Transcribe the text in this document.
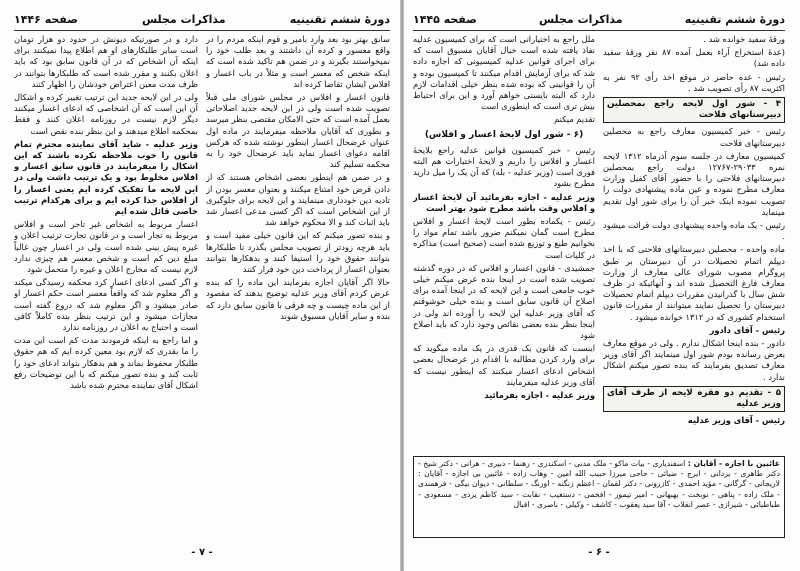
دورهٔ ششم تقنینیه
مذاکرات مجلس
صفحه ۱۴۴۵

ورقهٔ سفید خوانده شد .

(عدهٔ استخراج آراء بعمل آمده ۸۷ نفر ورقهٔ سفید داده شد)

رئیس - عده حاضر در موقع اخذ رأی ۹۲ نفر به اکثریت ۸۷ رأی تصویب شد .

۴ - شور اول لایحه راجع بمحصلین دبیرستانهای فلاحت

رئیس - خبر کمیسیون معارف راجع به محصلین دبیرستانهای فلاحت

کمیسیون معارف در جلسه سوم آذرماه ۱۳۱۲ لایحه نمره ۲۹۰۳۳-۱۲۷۶۷ دولت راجع بمحصلین دبیرستانهای فلاحتی را با حضور آقای کفیل وزارت معارف مطرح نموده و عین ماده پیشنهادی دولت را تصویب نموده اینک خبر آن را برای شور اول تقدیم مینماید

رئیس - یک ماده واحده پیشنهادی دولت قرائت میشود .

ماده واحده - محصلین دبیرستانهای فلاحتی که با اخذ دیپلم اتمام تحصیلات در آن دبیرستان بر طبق پروگرام مصوب شورای عالی معارف از وزارت معارف فارغ التحصیل شده اند و آنهائیکه در ظرف شش سال با گذرانیدن مقررات دیپلم اتمام تحصیلات دبیرستان را تحصیل نمایند میتوانند از مقررات قانون استخدام کشوری که در ۱۳۱۲ خوانده میشود .

رئیس - آقای دادور

دادور - بنده اینجا اشکال ندارم . ولی در موقع معارف بعرض رسانده بودم شور اول مینمایند اگر آقای وزیر معارف تصدیق بفرمایند که بنده تصور میکنم اشکال ندارد .

۵ - تقدیم دو فقره لایحه از طرف آقای وزیر عدلیه

رئیس - آقای وزیر عدلیه

ملل راجع به اختیاراتی است که برای کمیسیون عدلیه نفاذ یافته شده است خیال آقایان مسبوق است که برای اجرای قوانین عدلیه کمیسیونی که اجازه داده شد که برای آزمایش اقدام میکنند تا کمیسیون بوده و آن را قوانینی که بوده شده بنظر خیلی اقدامات لازم دارد که البته بایستی خواهم آورد و این برای احتیاط بیش تری است که اینطوری است

تقدیم میکنم

(۶ - شور اول لایحهٔ اعسار و افلاس)

رئیس - خبر کمیسیون قوانین عدلیه راجع بلایحهٔ اعسار و افلاس را داریم و لایحهٔ اختیارات هم البته فوری است (وزیر عدلیه - بله) که آن یک را میل دارید مطرح بشود

وزیر عدلیه - اجازه بفرمائید آن لایحهٔ اعسار و افلاس وقت باشد مطرح شود بهتر است

رئیس - یکماده بطور است لایحهٔ اعسار و افلاس مطرح است گمان نمیکنم ضرور باشد تمام مواد را بخوانیم طبع و توزیع شده است (صحیح است) مذاکره در کلیات است

جمشیدی - قانون اعسار و افلاس که در دوره گذشته تصویب شده است در اینجا بنده عرض میکنم خیلی خوب جامعی است و این لایحه که در اینجا آمده برای اصلاح آن قانون سابق است و بنده خیلی خوشوقتم که آقای وزیر عدلیه این لایحه را آورده اند ولی در اینجا بنظر بنده بعضی نقائص وجود دارد که باید اصلاح شود

اینست که قانون یک قدری در یک ماده میگوید که برای وارد کردن مطالبه با اقدام در عرضحال بعضی اشخاص ادعای اعسار میکنند که اینطور نیست که آقای وزیر عدلیه میفرمایند

وزیر عدلیه - اجازه بفرمائید

غائبین با اجازه - آقایان : اسفندیاری - بیات ماکو - ملک مدنی - اسکندری - رهنما - دبیری - هراتی - دکتر شیخ - دکتر طاهری - یزدانی - ایرج - ضیائی - حاجی میرزا حبیب الله امین - وهاب زاده - غائبین بی اجازه - آقایان : لاریجانی - گرگانی - مؤید احمدی - کازرونی - دکتر لقمان - اعظم زنگنه - اورنگ - سلطانی - دیوان بیگی - فرهمندی - ملک زاده - پناهی - نوبخت - بهبهانی - امیر تیمور - افخمی - دستغیب - نقابت - سید کاظم یزدی - مسعودی - طباطبائی - شیرازی - عصر انقلاب - آقا سید یعقوب - کاشف - وکیلی - ناصری - اقبال
- ۶ -
دورهٔ ششم تقنینیه
مذاکرات مجلس
صفحه ۱۴۴۶

سابق بهتر بود بعد وارد بامیر و قوم اینکه مردم را در واقع معسور و کرده آن داشتند و بعد طلب خود را نمیخواستند بگیرند و در ضمن هم تاکید شده است که اینکه شخص که معسر است و مثلاً در باب اعسار و افلاس ایشان تقاضا کرده اند

قانون اعسار و افلاس در مجلس شورای ملی قبلاً تصویب شده است ولی در این لایحه جدید اصلاحاتی بعمل آمده است که حتی الامکان مقتضی بنظر میرسد و بطوری که آقایان ملاحظه میفرمایند در ماده اول عنوان عرضحال اعسار اینطور نوشته شده که هرکس اقامه دعوای اعسار نماید باید عرضحال خود را به محکمه تسلیم کند

و در ضمن هم اینطور بعضی اشخاص هستند که از دادن قرض خود امتناع میکنند و بعنوان معسر بودن از تادیه دین خودداری مینمایند و این لایحه برای جلوگیری از این اشخاص است که اگر کسی مدعی اعسار شد باید اثبات کند و الا محکوم خواهد شد

و بنده تصور میکنم که این قانون خیلی مفید است و باید هرچه زودتر از تصویب مجلس بگذرد تا طلبکارها بتوانند حقوق خود را استیفا کنند و بدهکارها نتوانند بعنوان اعسار از پرداخت دین خود فرار کنند

حالا اگر آقایان اجازه بفرمایند این ماده را که بنده عرض کردم آقای وزیر عدلیه توضیح بدهند که مقصود از این ماده چیست و چه فرقی با قانون سابق دارد که بنده و سایر آقایان مسبوق شوند

دارد و در صورتیکه دیونش در حدود دو هزار تومان است سایر طلبکارهای او هم اطلاع پیدا نمیکنند برای اینکه آن اشخاص که در آن قانون سابق بود که باید اعلان بکنند و مقرر شده است که طلبکارها بتوانند در ظرف مدت معین اعتراض خودشان را اظهار کنند

ولی در این لایحه جدید این ترتیب تغییر کرده و اشکال آن این است که آن اشخاصی که ادعای اعسار میکنند دیگر لازم نیست در روزنامه اعلان کنند و فقط بمحکمه اطلاع میدهند و این بنظر بنده نقص است

وزیر عدلیه - شاید آقای نماینده محترم تمام قانون را خوب ملاحظه نکرده باشند که این اشکال را میفرمایند در قانون سابق اعسار و افلاس مخلوط بود و یک ترتیب داشت ولی در این لایحه ما تفکیک کرده ایم یعنی اعسار را از افلاس جدا کرده ایم و برای هرکدام ترتیب خاصی قائل شده ایم

اعسار مربوط به اشخاص غیر تاجر است و افلاس مربوط به تجار است و در قانون تجارت ترتیب اعلان و غیره پیش بینی شده است ولی در اعسار چون غالباً مبلغ دین کم است و شخص معسر هم چیزی ندارد لازم نیست که مخارج اعلان و غیره را متحمل شود

و اگر کسی ادعای اعسار کرد محکمه رسیدگی میکند و اگر معلوم شد که واقعاً معسر است حکم اعسار او صادر میشود و اگر معلوم شد که دروغ گفته است مجازات میشود و این ترتیب بنظر بنده کاملاً کافی است و احتیاج به اعلان در روزنامه ندارد

و اما راجع به اینکه فرمودند مدت کم است این مدت را ما بقدری که لازم بود معین کرده ایم که هم حقوق طلبکار محفوظ بماند و هم بدهکار بتواند ادعای خود را ثابت کند و بنده تصور میکنم که با این توضیحات رفع اشکال آقای نماینده محترم شده باشد

- ۷ -
